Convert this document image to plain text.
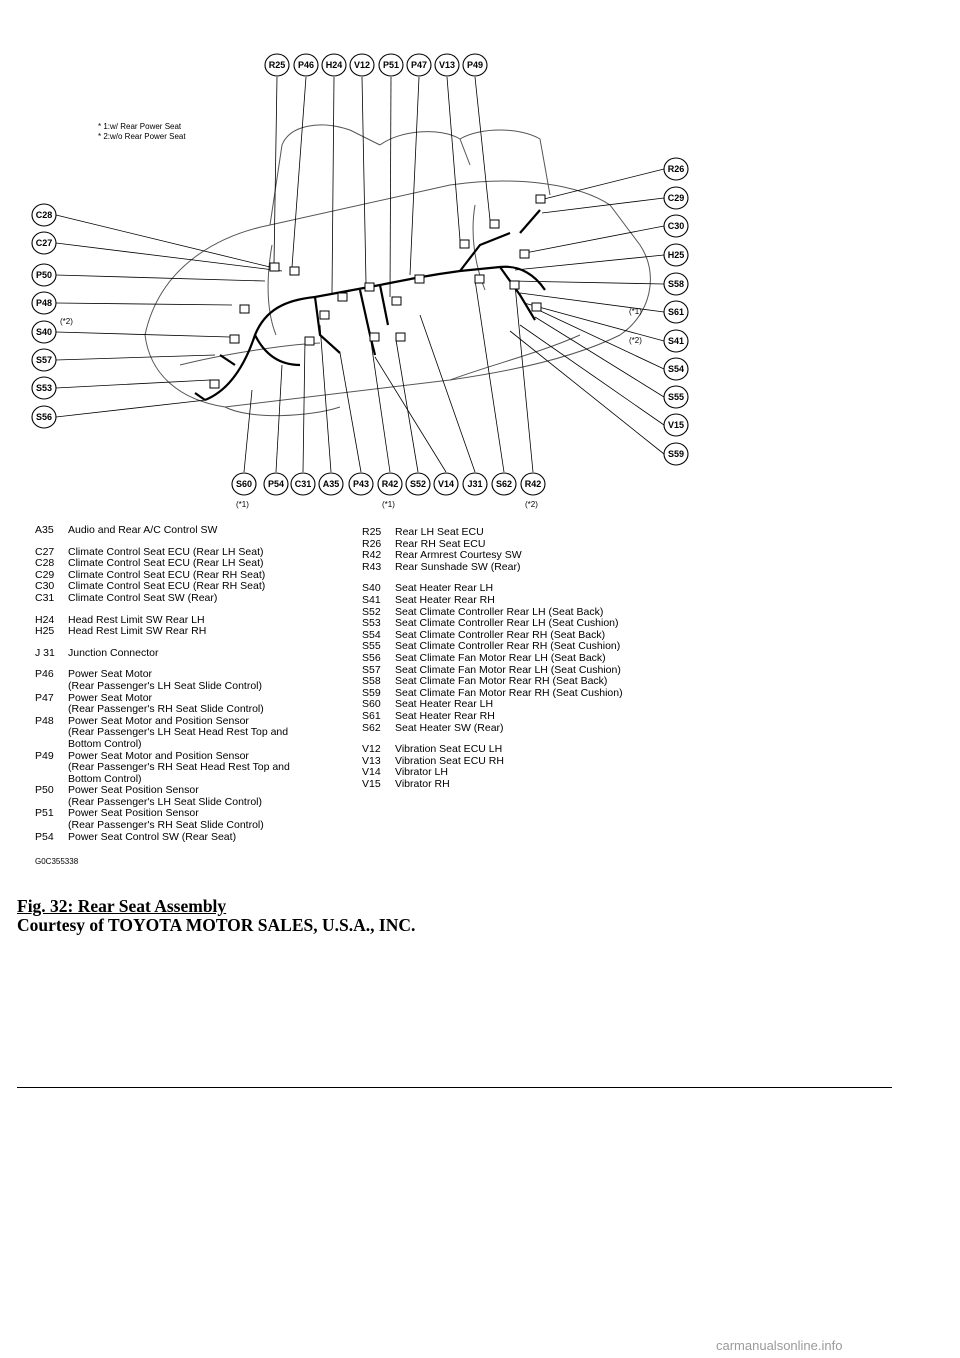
R25 P46 H24 V12 P51 P47 V13 P49
C28
C27
P50
P48
S40
(*2)
S57
S53
S56
R26
C29
C30
H25
S58
S61
(*1)
S41
(*2)
S54
S55
V15
S59
S60
(*1)
P54 C31 A35 P43 R42
(*1)
S52 V14 J31 S62 R42
(*2)
* 1:w/ Rear Power Seat
* 2:w/o Rear Power Seat
A35	Audio and Rear A/C Control SW
C27	Climate Control Seat ECU (Rear LH Seat)
C28	Climate Control Seat ECU (Rear LH Seat)
C29	Climate Control Seat ECU (Rear RH Seat)
C30	Climate Control Seat ECU (Rear RH Seat)
C31	Climate Control Seat SW (Rear)
H24	Head Rest Limit SW Rear LH
H25	Head Rest Limit SW Rear RH
J 31	Junction Connector
P46	Power Seat Motor
(Rear Passenger's LH Seat Slide Control)
P47	Power Seat Motor
(Rear Passenger's RH Seat Slide Control)
P48	Power Seat Motor and Position Sensor
(Rear Passenger's LH Seat Head Rest Top and
Bottom Control)
P49	Power Seat Motor and Position Sensor
(Rear Passenger's RH Seat Head Rest Top and
Bottom Control)
P50	Power Seat Position Sensor
(Rear Passenger's LH Seat Slide Control)
P51	Power Seat Position Sensor
(Rear Passenger's RH Seat Slide Control)
P54	Power Seat Control SW (Rear Seat)
R25	Rear LH Seat ECU
R26	Rear RH Seat ECU
R42	Rear Armrest Courtesy SW
R43	Rear Sunshade SW (Rear)
S40	Seat Heater Rear LH
S41	Seat Heater Rear RH
S52	Seat Climate Controller Rear LH (Seat Back)
S53	Seat Climate Controller Rear LH (Seat Cushion)
S54	Seat Climate Controller Rear RH (Seat Back)
S55	Seat Climate Controller Rear RH (Seat Cushion)
S56	Seat Climate Fan Motor Rear LH (Seat Back)
S57	Seat Climate Fan Motor Rear LH (Seat Cushion)
S58	Seat Climate Fan Motor Rear RH (Seat Back)
S59	Seat Climate Fan Motor Rear RH (Seat Cushion)
S60	Seat Heater Rear LH
S61	Seat Heater Rear RH
S62	Seat Heater SW (Rear)
V12	Vibration Seat ECU LH
V13	Vibration Seat ECU RH
V14	Vibrator LH
V15	Vibrator RH
G0C355338
Fig. 32: Rear Seat Assembly
Courtesy of TOYOTA MOTOR SALES, U.S.A., INC.
carmanualsonline.info
